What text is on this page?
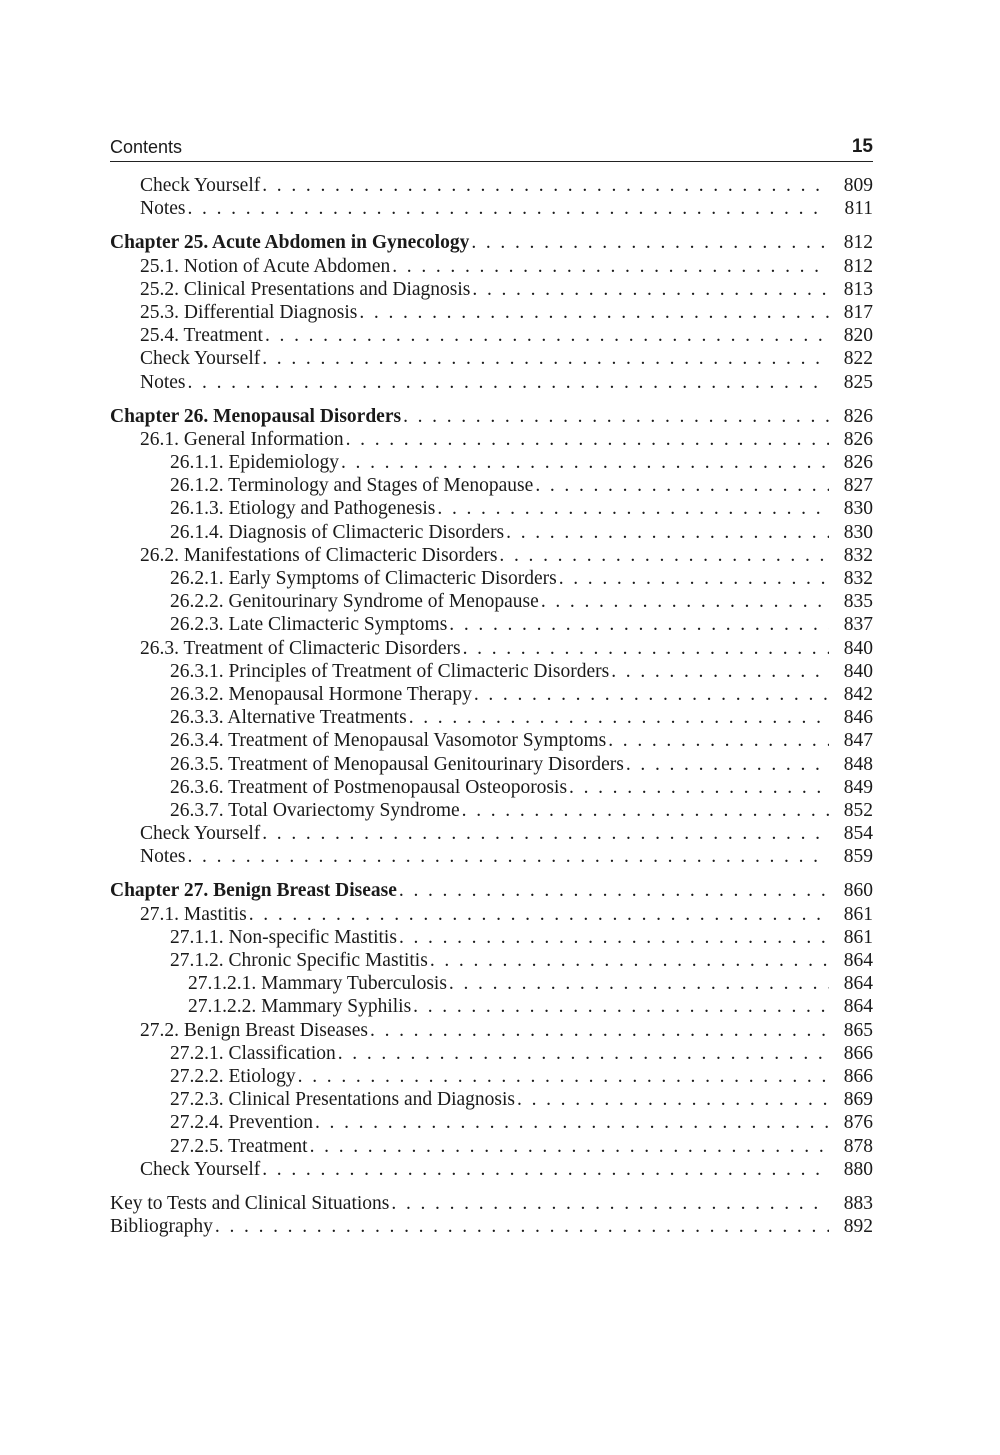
Contents	15
Check Yourself . . .	809
Notes . . .	811
Chapter 25. Acute Abdomen in Gynecology . . .	812
25.1. Notion of Acute Abdomen . . .	812
25.2. Clinical Presentations and Diagnosis . . .	813
25.3. Differential Diagnosis . . .	817
25.4. Treatment . . .	820
Check Yourself . . .	822
Notes . . .	825
Chapter 26. Menopausal Disorders . . .	826
26.1. General Information . . .	826
26.1.1. Epidemiology . . .	826
26.1.2. Terminology and Stages of Menopause . . .	827
26.1.3. Etiology and Pathogenesis . . .	830
26.1.4. Diagnosis of Climacteric Disorders . . .	830
26.2. Manifestations of Climacteric Disorders . . .	832
26.2.1. Early Symptoms of Climacteric Disorders . . .	832
26.2.2. Genitourinary Syndrome of Menopause . . .	835
26.2.3. Late Climacteric Symptoms . . .	837
26.3. Treatment of Climacteric Disorders . . .	840
26.3.1. Principles of Treatment of Climacteric Disorders . . .	840
26.3.2. Menopausal Hormone Therapy . . .	842
26.3.3. Alternative Treatments . . .	846
26.3.4. Treatment of Menopausal Vasomotor Symptoms . . .	847
26.3.5. Treatment of Menopausal Genitourinary Disorders . . .	848
26.3.6. Treatment of Postmenopausal Osteoporosis . . .	849
26.3.7. Total Ovariectomy Syndrome . . .	852
Check Yourself . . .	854
Notes . . .	859
Chapter 27. Benign Breast Disease . . .	860
27.1. Mastitis . . .	861
27.1.1. Non-specific Mastitis . . .	861
27.1.2. Chronic Specific Mastitis . . .	864
27.1.2.1. Mammary Tuberculosis . . .	864
27.1.2.2. Mammary Syphilis . . .	864
27.2. Benign Breast Diseases . . .	865
27.2.1. Classification . . .	866
27.2.2. Etiology . . .	866
27.2.3. Clinical Presentations and Diagnosis . . .	869
27.2.4. Prevention . . .	876
27.2.5. Treatment . . .	878
Check Yourself . . .	880
Key to Tests and Clinical Situations . . .	883
Bibliography . . .	892
